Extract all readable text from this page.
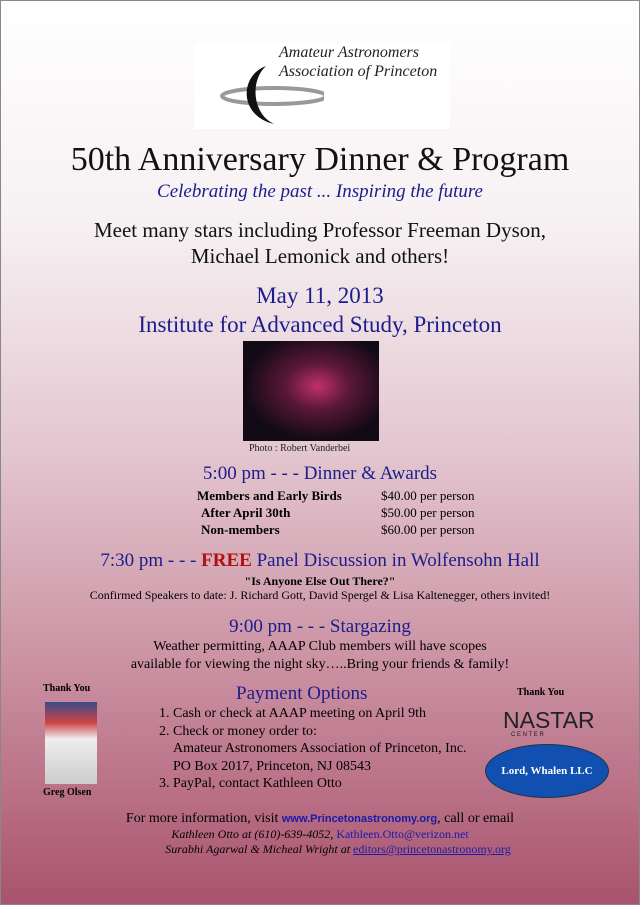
Amateur Astronomers
Association of Princeton
50th Anniversary Dinner & Program
Celebrating the past ... Inspiring the future
Meet many stars including Professor Freeman Dyson,
Michael Lemonick and others!
May 11, 2013
Institute for Advanced Study, Princeton
Photo : Robert Vanderbei
5:00 pm - - - Dinner & Awards
Members and Early Birds	$40.00 per person
After April 30th	$50.00 per person
Non-members	$60.00 per person
7:30 pm - - - FREE Panel Discussion in Wolfensohn Hall
"Is Anyone Else Out There?"
Confirmed Speakers to date: J. Richard Gott, David Spergel & Lisa Kaltenegger, others invited!
9:00 pm - - - Stargazing
Weather permitting, AAAP Club members will have scopes
available for viewing the night sky…..Bring your friends & family!
Thank You
Greg Olsen
Payment Options
1. Cash or check at AAAP meeting on April 9th
2. Check or money order to:
Amateur Astronomers Association of Princeton, Inc.
PO Box 2017, Princeton, NJ 08543
3. PayPal, contact Kathleen Otto
Thank You
NASTAR
C E N T E R
Lord, Whalen LLC
For more information, visit www.Princetonastronomy.org, call or email
Kathleen Otto at (610)-639-4052, Kathleen.Otto@verizon.net
Surabhi Agarwal & Micheal Wright at editors@princetonastronomy.org
